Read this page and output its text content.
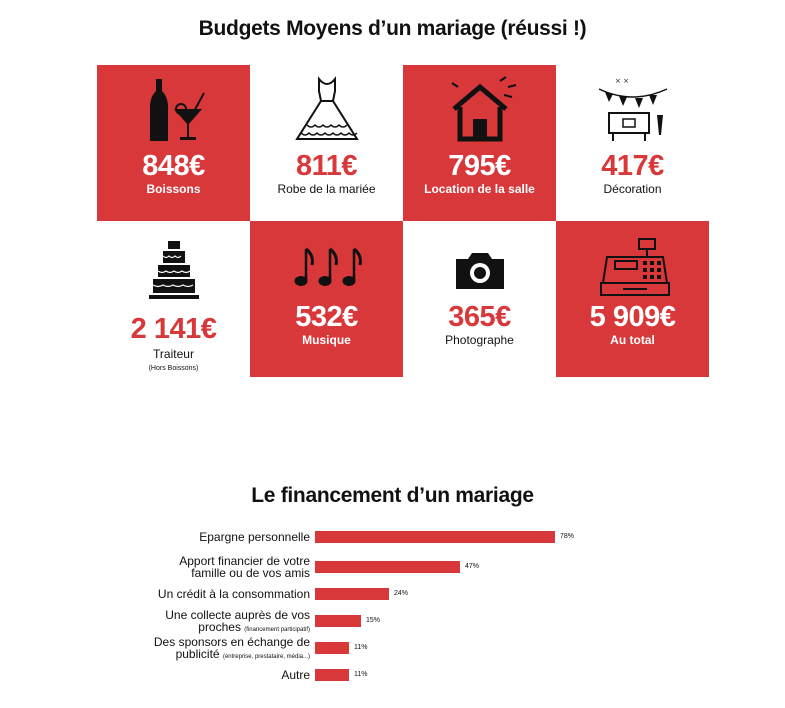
Budgets Moyens d’un mariage (réussi !)
848€
Boissons
811€
Robe de la mariée
795€
Location de la salle
× ×
417€
Décoration
2 141€
Traiteur
(Hors Boissons)
532€
Musique
365€
Photographe
5 909€
Au total
Le financement d’un mariage
Epargne personnelle	78%
Apport financier de votre
famille ou de vos amis	47%
Un crédit à la consommation	24%
Une collecte auprès de vos
proches (financement participatif)
15%
Des sponsors en échange de
publicité (entreprise, prestataire, média...)
11%
Autre	11%
